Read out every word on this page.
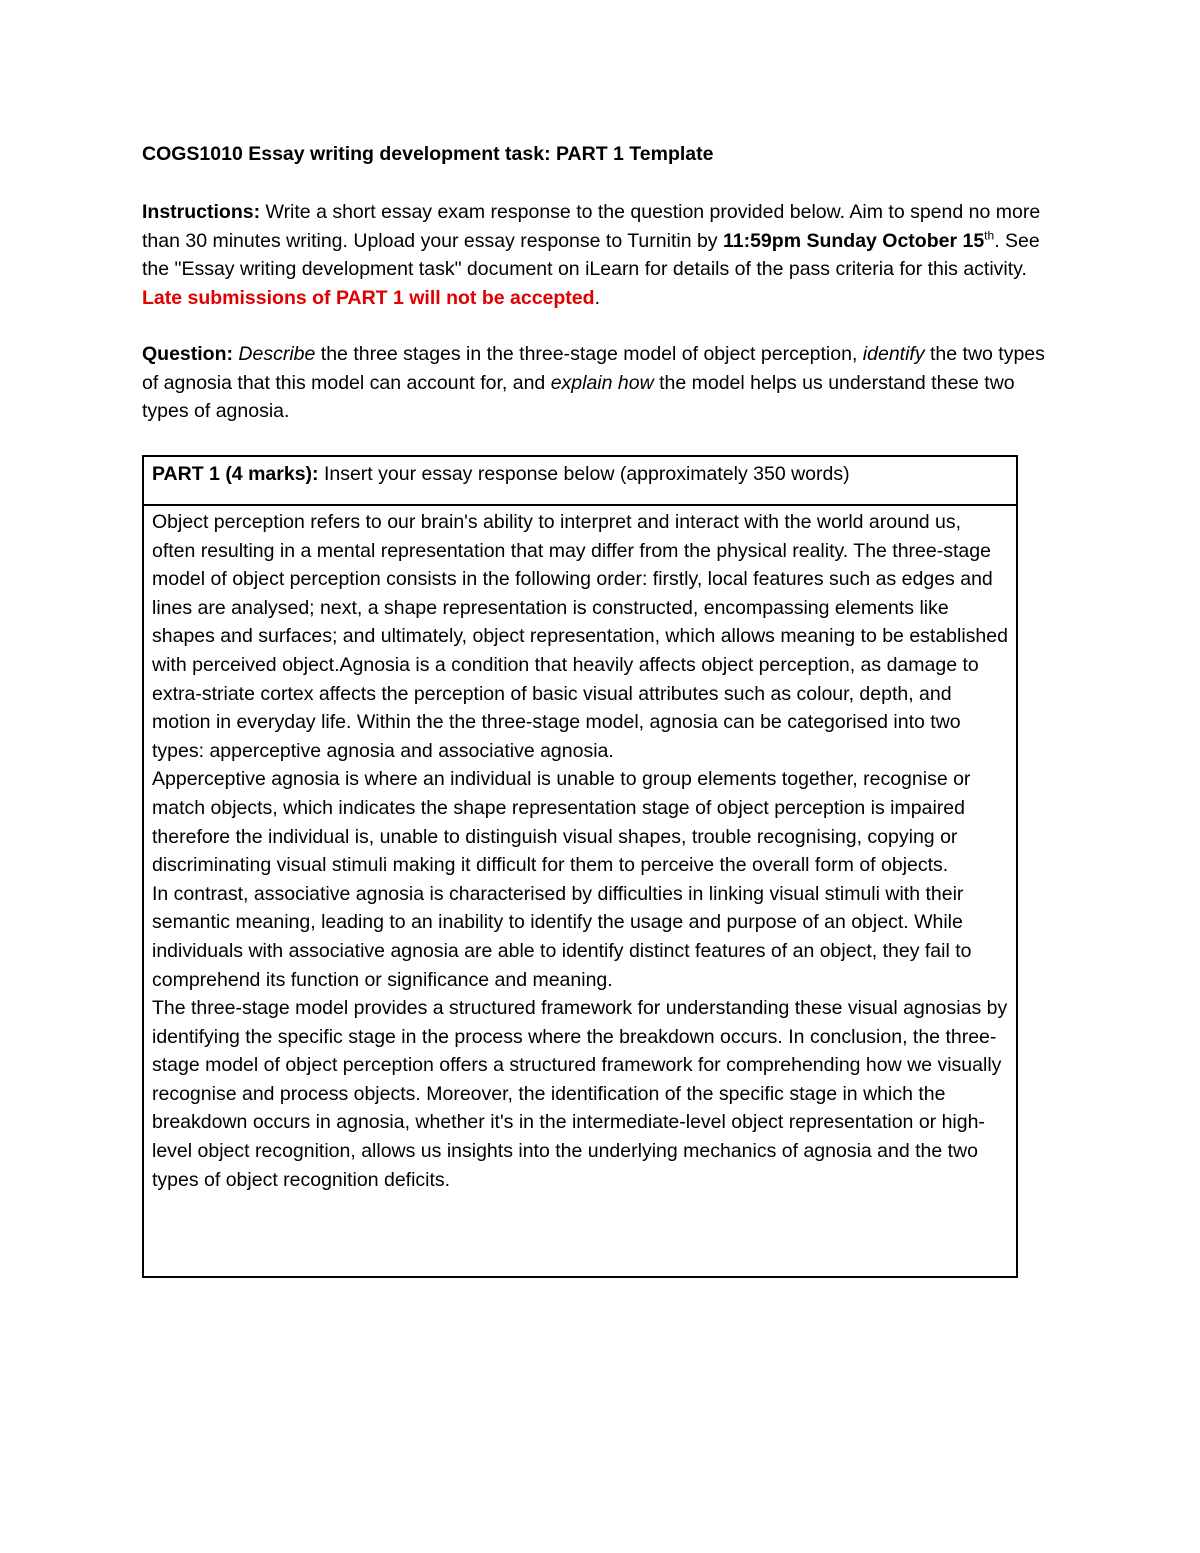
COGS1010 Essay writing development task: PART 1 Template
Instructions: Write a short essay exam response to the question provided below. Aim to spend no more than 30 minutes writing. Upload your essay response to Turnitin by 11:59pm Sunday October 15th. See the "Essay writing development task" document on iLearn for details of the pass criteria for this activity. Late submissions of PART 1 will not be accepted.
Question: Describe the three stages in the three-stage model of object perception, identify the two types of agnosia that this model can account for, and explain how the model helps us understand these two types of agnosia.
PART 1 (4 marks): Insert your essay response below (approximately 350 words)

Object perception refers to our brain's ability to interpret and interact with the world around us, often resulting in a mental representation that may differ from the physical reality. The three-stage model of object perception consists in the following order: firstly, local features such as edges and lines are analysed; next, a shape representation is constructed, encompassing elements like shapes and surfaces; and ultimately, object representation, which allows meaning to be established with perceived object.Agnosia is a condition that heavily affects object perception, as damage to extra-striate cortex affects the perception of basic visual attributes such as colour, depth, and motion in everyday life. Within the the three-stage model, agnosia can be categorised into two types: apperceptive agnosia and associative agnosia.

Apperceptive agnosia is where an individual is unable to group elements together, recognise or match objects, which indicates the shape representation stage of object perception is impaired therefore the individual is, unable to distinguish visual shapes, trouble recognising, copying or discriminating visual stimuli making it difficult for them to perceive the overall form of objects.

In contrast, associative agnosia is characterised by difficulties in linking visual stimuli with their semantic meaning, leading to an inability to identify the usage and purpose of an object. While individuals with associative agnosia are able to identify distinct features of an object, they fail to comprehend its function or significance and meaning.

The three-stage model provides a structured framework for understanding these visual agnosias by identifying the specific stage in the process where the breakdown occurs. In conclusion, the three-stage model of object perception offers a structured framework for comprehending how we visually recognise and process objects. Moreover, the identification of the specific stage in which the breakdown occurs in agnosia, whether it's in the intermediate-level object representation or high-level object recognition, allows us insights into the underlying mechanics of agnosia and the two types of object recognition deficits.
